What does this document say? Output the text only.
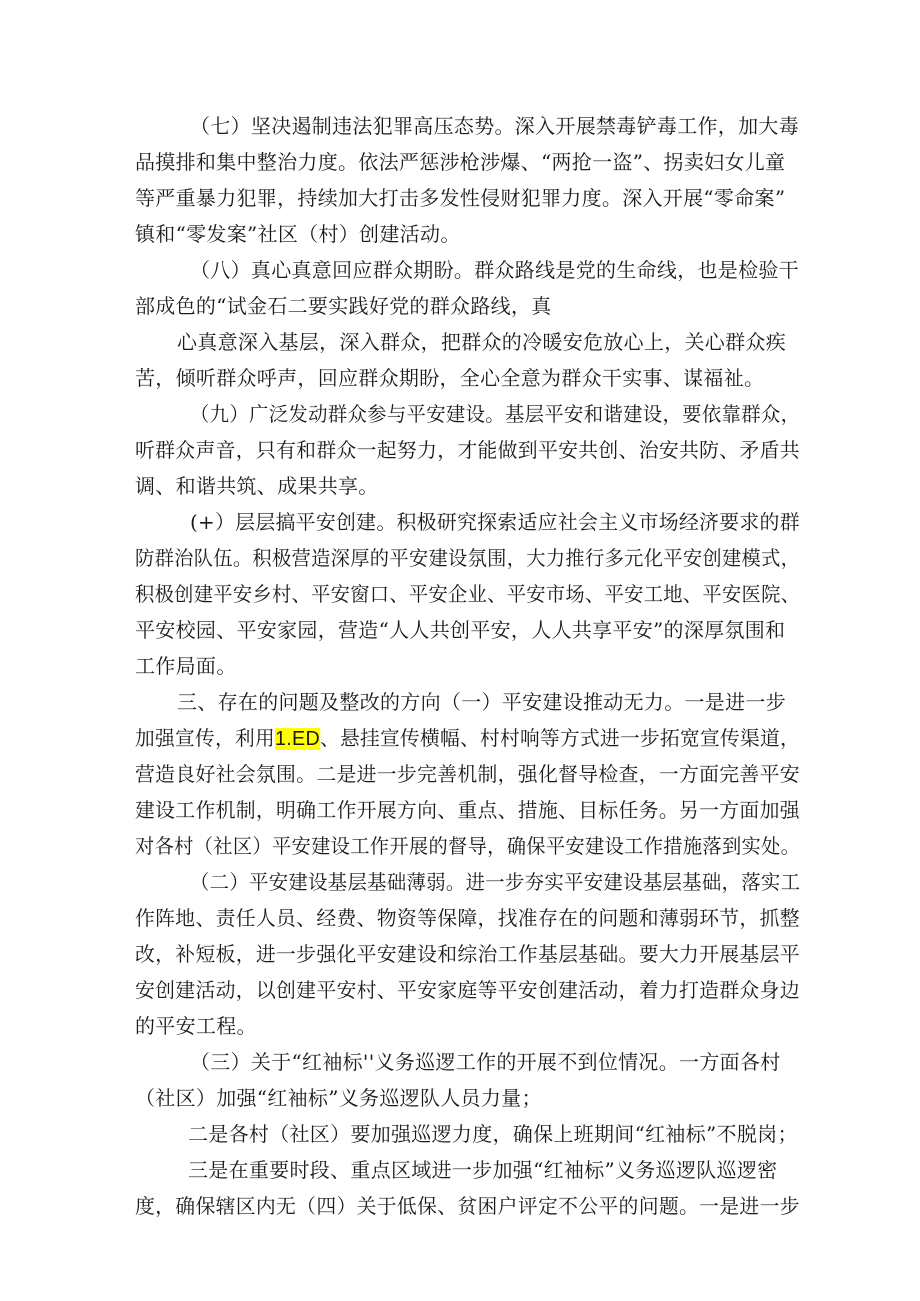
（七）坚决遏制违法犯罪高压态势。深入开展禁毒铲毒工作，加大毒
品摸排和集中整治力度。依法严惩涉枪涉爆、“两抢一盗”、拐卖妇女儿童
等严重暴力犯罪，持续加大打击多发性侵财犯罪力度。深入开展“零命案”
镇和“零发案”社区（村）创建活动。
（八）真心真意回应群众期盼。群众路线是党的生命线，也是检验干
部成色的“试金石二要实践好党的群众路线，真
心真意深入基层，深入群众，把群众的冷暖安危放心上，关心群众疾
苦，倾听群众呼声，回应群众期盼，全心全意为群众干实事、谋福祉。
（九）广泛发动群众参与平安建设。基层平安和谐建设，要依靠群众，
听群众声音，只有和群众一起努力，才能做到平安共创、治安共防、矛盾共
调、和谐共筑、成果共享。
(+）层层搞平安创建。积极研究探索适应社会主义市场经济要求的群
防群治队伍。积极营造深厚的平安建设氛围，大力推行多元化平安创建模式，
积极创建平安乡村、平安窗口、平安企业、平安市场、平安工地、平安医院、
平安校园、平安家园，营造“人人共创平安，人人共享平安”的深厚氛围和
工作局面。
三、存在的问题及整改的方向（一）平安建设推动无力。一是进一步
加强宣传，利用1.ED、悬挂宣传横幅、村村响等方式进一步拓宽宣传渠道，
营造良好社会氛围。二是进一步完善机制，强化督导检查，一方面完善平安
建设工作机制，明确工作开展方向、重点、措施、目标任务。另一方面加强
对各村（社区）平安建设工作开展的督导，确保平安建设工作措施落到实处。
（二）平安建设基层基础薄弱。进一步夯实平安建设基层基础，落实工
作阵地、责任人员、经费、物资等保障，找准存在的问题和薄弱环节，抓整
改，补短板，进一步强化平安建设和综治工作基层基础。要大力开展基层平
安创建活动，以创建平安村、平安家庭等平安创建活动，着力打造群众身边
的平安工程。
（三）关于“红袖标''义务巡逻工作的开展不到位情况。一方面各村
（社区）加强“红袖标”义务巡逻队人员力量；
二是各村（社区）要加强巡逻力度，确保上班期间“红袖标”不脱岗；
三是在重要时段、重点区域进一步加强“红袖标”义务巡逻队巡逻密
度，确保辖区内无（四）关于低保、贫困户评定不公平的问题。一是进一步
